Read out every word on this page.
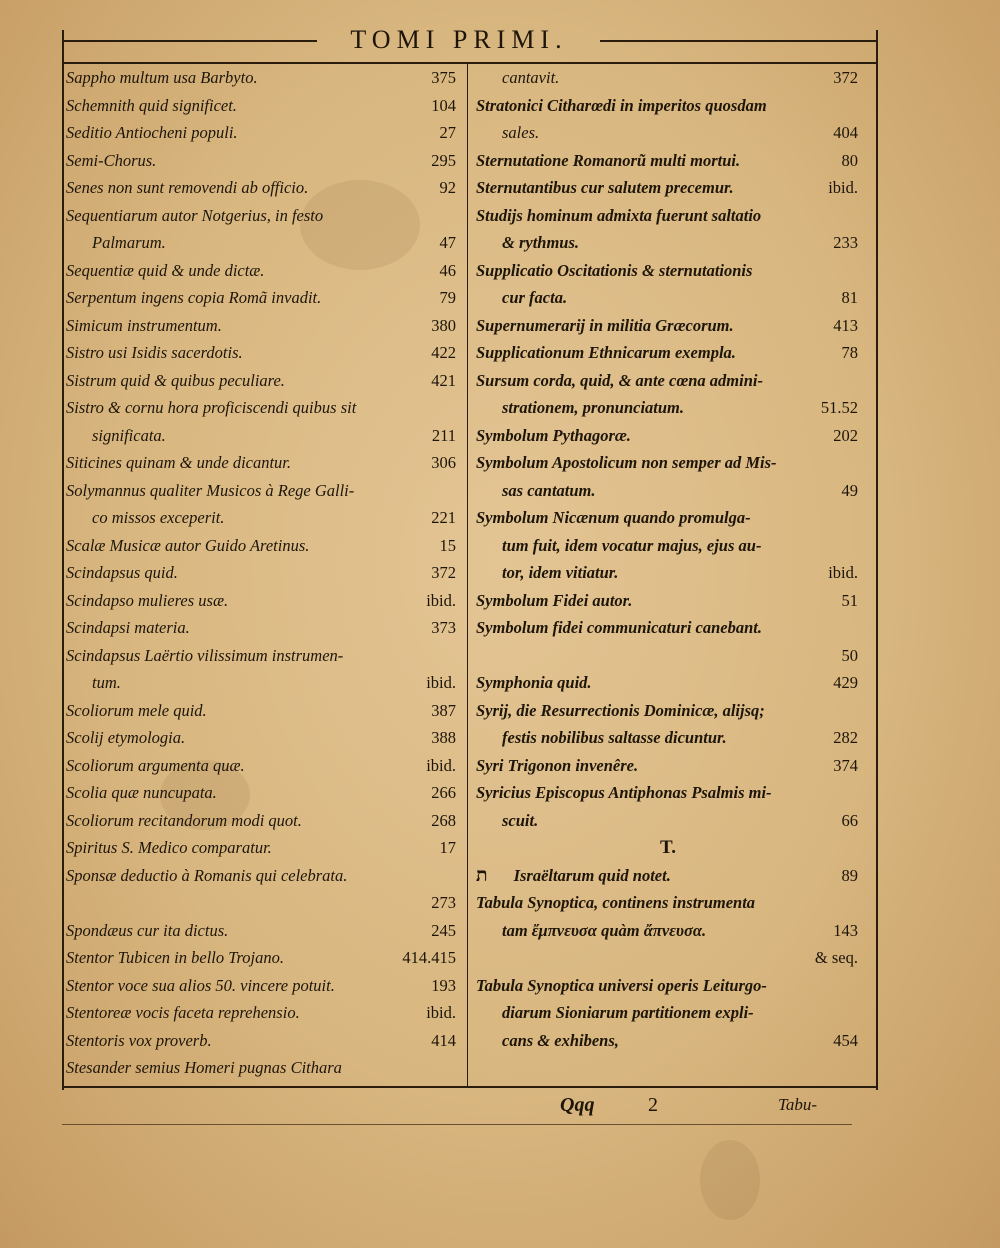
TOMI PRIMI.
Sappho multum usa Barbyto.	375
Schemnith quid significet.	104
Seditio Antiocheni populi.	27
Semi-Chorus.	295
Senes non sunt removendi ab officio.	92
Sequentiarum autor Notgerius, in festo
Palmarum.	47
Sequentiæ quid & unde dictæ.	46
Serpentum ingens copia Romã invadit.	79
Simicum instrumentum.	380
Sistro usi Isidis sacerdotis.	422
Sistrum quid & quibus peculiare.	421
Sistro & cornu hora proficiscendi quibus sit
significata.	211
Siticines quinam & unde dicantur.	306
Solymannus qualiter Musicos à Rege Galli-
co missos exceperit.	221
Scalæ Musicæ autor Guido Aretinus.	15
Scindapsus quid.	372
Scindapso mulieres usæ.	ibid.
Scindapsi materia.	373
Scindapsus Laërtio vilissimum instrumen-
tum.	ibid.
Scoliorum mele quid.	387
Scolij etymologia.	388
Scoliorum argumenta quæ.	ibid.
Scolia quæ nuncupata.	266
Scoliorum recitandorum modi quot.	268
Spiritus S. Medico comparatur.	17
Sponsæ deductio à Romanis qui celebrata.
273
Spondæus cur ita dictus.	245
Stentor Tubicen in bello Trojano.	414.415
Stentor voce sua alios 50. vincere potuit.	193
Stentoreæ vocis faceta reprehensio.	ibid.
Stentoris vox proverb.	414
Stesander semius Homeri pugnas Cithara
cantavit.	372
Stratonici Citharœdi in imperitos quosdam
sales.	404
Sternutatione Romanorũ multi mortui.	80
Sternutantibus cur salutem precemur.	ibid.
Studijs hominum admixta fuerunt saltatio
& rythmus.	233
Supplicatio Oscitationis & sternutationis
cur facta.	81
Supernumerarij in militia Græcorum.	413
Supplicationum Ethnicarum exempla.	78
Sursum corda, quid, & ante cœna admini-
strationem, pronunciatum.	51.52
Symbolum Pythagoræ.	202
Symbolum Apostolicum non semper ad Mis-
sas cantatum.	49
Symbolum Nicænum quando promulga-
tum fuit, idem vocatur majus, ejus au-
tor, idem vitiatur.	ibid.
Symbolum Fidei autor.	51
Symbolum fidei communicaturi canebant.
50
Symphonia quid.	429
Syrij, die Resurrectionis Dominicæ, alijsq;
festis nobilibus saltasse dicuntur.	282
Syri Trigonon invenêre.	374
Syricius Episcopus Antiphonas Psalmis mi-
scuit.	66
T.
ת Israëltarum quid notet.	89
Tabula Synoptica, continens instrumenta
tam ἔμπνευσα quàm ἄπνευσα.	143
& seq.
Tabula Synoptica universi operis Leiturgo-
diarum Sioniarum partitionem expli-
cans & exhibens,	454
Qqq	2	Tabu-
